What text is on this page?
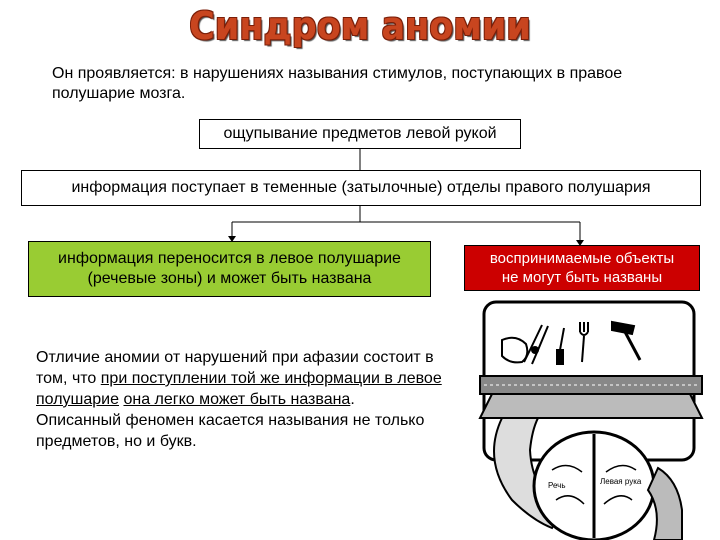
Синдром аномии
Он проявляется: в нарушениях называния стимулов, поступающих в правое полушарие мозга.
ощупывание предметов левой рукой
информация поступает в теменные (затылочные) отделы правого полушария
информация переносится в левое полушарие
(речевые зоны) и может быть названа
воспринимаемые объекты
не могут быть названы
Отличие аномии от нарушений при афазии состоит в том, что при поступлении той же информации в левое полушарие она легко может быть названа.
Описанный феномен касается называния не только предметов, но и букв.
Речь	Левая рука
